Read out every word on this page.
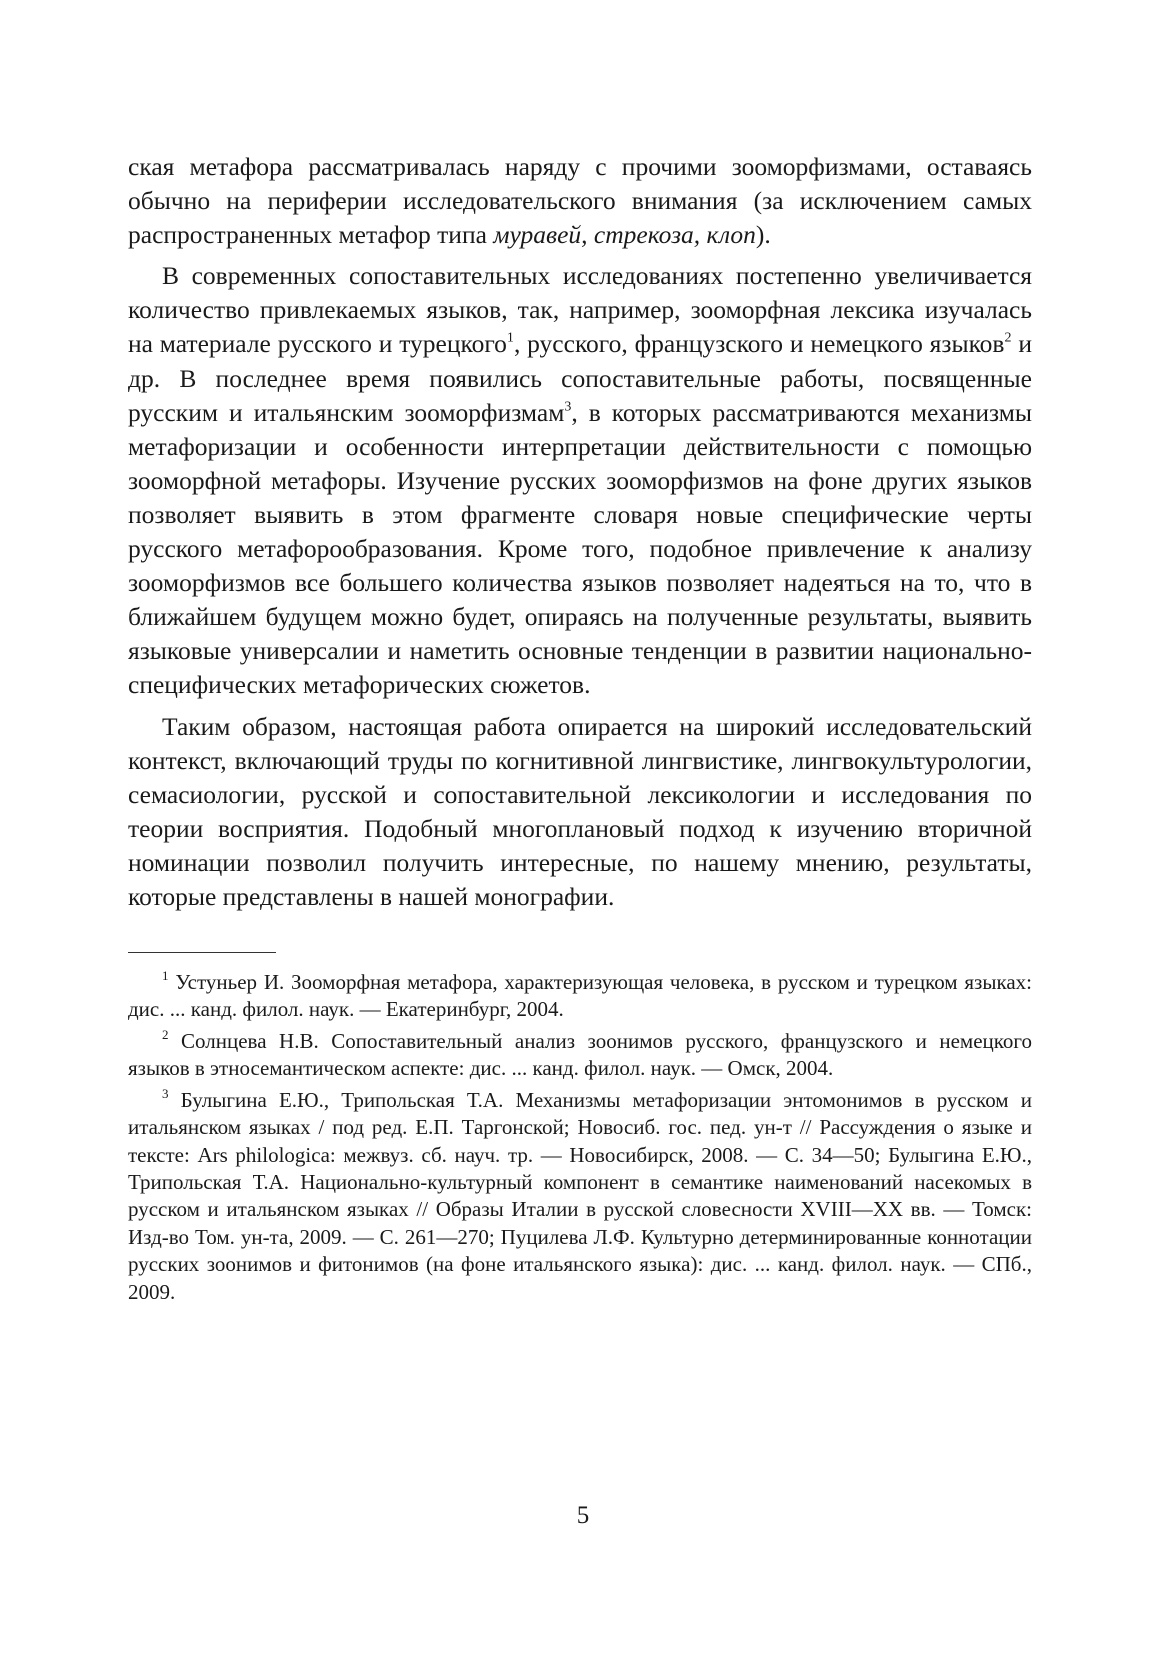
ская метафора рассматривалась наряду с прочими зооморфизмами, оставаясь обычно на периферии исследовательского внимания (за исключением самых распространенных метафор типа муравей, стрекоза, клоп).

В современных сопоставительных исследованиях постепенно увеличивается количество привлекаемых языков, так, например, зооморфная лексика изучалась на материале русского и турецкого$^1$, русского, французского и немецкого языков$^2$ и др. В последнее время появились сопоставительные работы, посвященные русским и итальянским зооморфизмам$^3$, в которых рассматриваются механизмы метафоризации и особенности интерпретации действительности с помощью зооморфной метафоры. Изучение русских зооморфизмов на фоне других языков позволяет выявить в этом фрагменте словаря новые специфические черты русского метафорообразования. Кроме того, подобное привлечение к анализу зооморфизмов все большего количества языков позволяет надеяться на то, что в ближайшем будущем можно будет, опираясь на полученные результаты, выявить языковые универсалии и наметить основные тенденции в развитии национально-специфических метафорических сюжетов.

Таким образом, настоящая работа опирается на широкий исследовательский контекст, включающий труды по когнитивной лингвистике, лингвокультурологии, семасиологии, русской и сопоставительной лексикологии и исследования по теории восприятия. Подобный многоплановый подход к изучению вторичной номинации позволил получить интересные, по нашему мнению, результаты, которые представлены в нашей монографии.

$^1$ Устуньер И. Зооморфная метафора, характеризующая человека, в русском и турецком языках: дис. ... канд. филол. наук. — Екатеринбург, 2004.

$^2$ Солнцева Н.В. Сопоставительный анализ зоонимов русского, французского и немецкого языков в этносемантическом аспекте: дис. ... канд. филол. наук. — Омск, 2004.

$^3$ Булыгина Е.Ю., Трипольская Т.А. Механизмы метафоризации энтомонимов в русском и итальянском языках / под ред. Е.П. Таргонской; Новосиб. гос. пед. ун-т // Рассуждения о языке и тексте: Ars philologica: межвуз. сб. науч. тр. — Новосибирск, 2008. — С. 34—50; Булыгина Е.Ю., Трипольская Т.А. Национально-культурный компонент в семантике наименований насекомых в русском и итальянском языках // Образы Италии в русской словесности XVIII—XX вв. — Томск: Изд-во Том. ун-та, 2009. — С. 261—270; Пуцилева Л.Ф. Культурно детерминированные коннотации русских зоонимов и фитонимов (на фоне итальянского языка): дис. ... канд. филол. наук. — СПб., 2009.

5
